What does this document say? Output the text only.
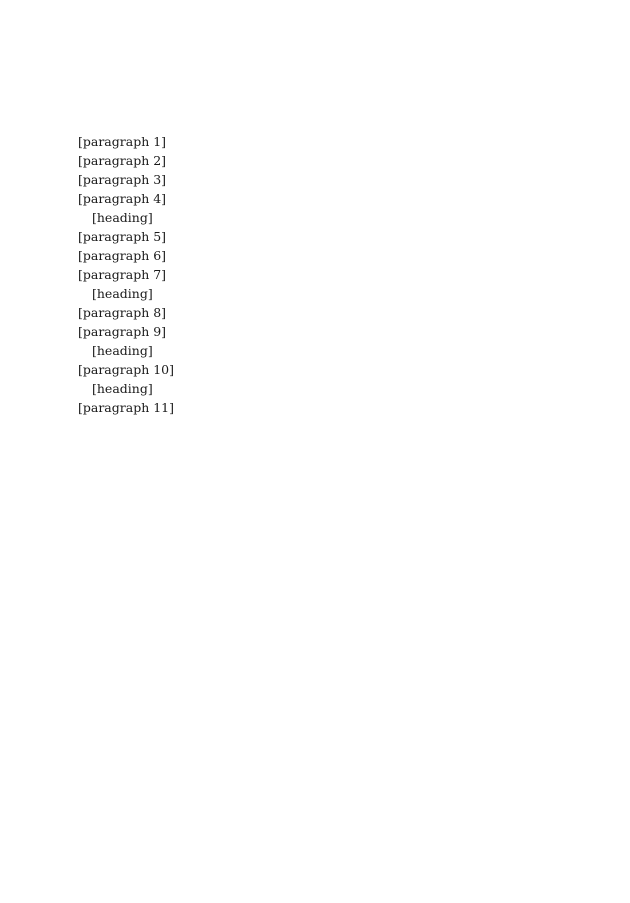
[paragraph 1]

[paragraph 2]

[paragraph 3]

[paragraph 4]

[heading]

[paragraph 5]

[paragraph 6]

[paragraph 7]

[heading]

[paragraph 8]

[paragraph 9]

[heading]

[paragraph 10]

[heading]

[paragraph 11]
